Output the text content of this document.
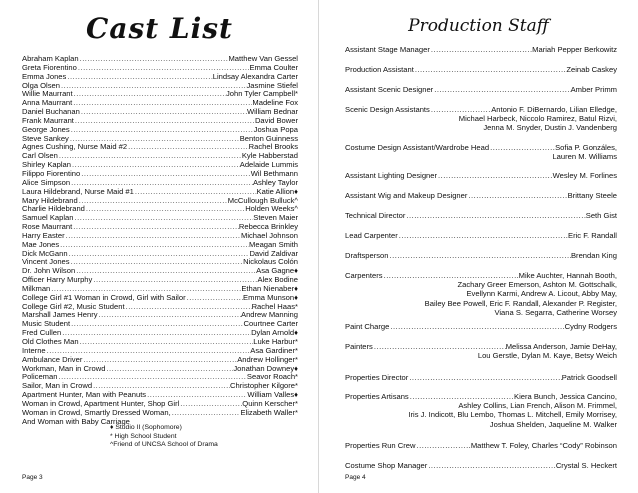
Cast List
Abraham Kaplan .....	Matthew Van Gessel
Greta Fiorentino .....	Emma Coulter
Emma Jones .....	Lindsay Alexandra Carter
Olga Olsen .....	Jasmine Stiefel
Willie Maurrant .....	John Tyler Campbell*
Anna Maurrant .....	Madeline Fox
Daniel Buchanan .....	William Bednar
Frank Maurrant .....	David Bower
George Jones .....	Joshua Popa
Steve Sankey .....	Benton Guinness
Agnes Cushing, Nurse Maid #2 .....	Rachel Brooks
Carl Olsen .....	Kyle Habberstad
Shirley Kaplan .....	Adelaide Lummis
Filippo Fiorentino .....	Wil Bethmann
Alice Simpson .....	Ashley Taylor
Laura Hildebrand, Nurse Maid #1 .....	Katie Allion♦
Mary Hildebrand .....	McCullough Bulluck^
Charlie Hildebrand .....	Holden Weeks^
Samuel Kaplan .....	Steven Maier
Rose Maurrant .....	Rebecca Brinkley
Harry Easter .....	Michael Johnson
Mae Jones .....	Meagan Smith
Dick McGann .....	David Zaldivar
Vincent Jones .....	Nickolaus Colón
Dr. John Wilson .....	Asa Gagne♦
Officer Harry Murphy .....	Alex Bodine
Milkman .....	Ethan Nienaber♦
College Girl #1 Woman in Crowd, Girl with Sailor .....	Emma Munson♦
College Girl #2, Music Student .....	Rachel Haas*
Marshall James Henry .....	Andrew Manning
Music Student .....	Courtnee Carter
Fred Cullen .....	Dylan Arnold♦
Old Clothes Man .....	Luke Harbur*
Interne .....	Asa Gardiner*
Ambulance Driver .....	Andrew Hollinger*
Workman, Man in Crowd .....	Jonathan Downey♦
Policeman .....	Seavor Roach*
Sailor, Man in Crowd .....	Christopher Kilgore*
Apartment Hunter, Man with Peanuts .....	William Valles♦
Woman in Crowd, Apartment Hunter, Shop Girl .....	Quinn Kerscher*
Woman in Crowd, Smartly Dressed Woman, .....	Elizabeth Waller*
And Woman with Baby Carriage
♦ Studio II (Sophomore)
* High School Student
^Friend of UNCSA School of Drama
Page 3
Production Staff
Assistant Stage Manager .....	Mariah Pepper Berkowitz
Production Assistant .....	Zeinab Caskey
Assistant Scenic Designer .....	Amber Primm
Scenic Design Assistants .....	Antonio F. DiBernardo, Lilian Elledge,
Michael Harbeck, Niccolo Ramirez, Batul Rizvi,
Jenna M. Snyder, Dustin J. Vandenberg
Costume Design Assistant/Wardrobe Head .....	Sofia P. Gonzáles,
Lauren M. Williams
Assistant Lighting Designer .....	Wesley M. Forlines
Assistant Wig and Makeup Designer .....	Brittany Steele
Technical Director .....	Seth Gist
Lead Carpenter .....	Eric F. Randall
Draftsperson .....	Brendan King
Carpenters .....	Mike Auchter, Hannah Booth,
Zachary Greer Emerson, Ashton M. Gottschalk,
Evellynn Karmi, Andrew A. Licout, Abby May,
Bailey Bee Powell, Eric F. Randall, Alexander P. Register,
Viana S. Segarra, Catherine Worsey
Paint Charge .....	Cydny Rodgers
Painters .....	Melissa Anderson, Jamie DeHay,
Lou Gerstle, Dylan M. Kaye, Betsy Weich
Properties Director .....	Patrick Goodsell
Properties Artisans .....	Kiera Bunch, Jessica Cancino,
Ashley Collins, Lian French, Alison M. Frimmel,
Iris J. Indicott, Blu Lembo, Thomas L. Mitchell, Emily Morrisey,
Joshua Shelden, Jaqueline M. Walker
Properties Run Crew .....	Matthew T. Foley, Charles “Cody” Robinson
Costume Shop Manager .....	Crystal S. Heckert
Page 4
